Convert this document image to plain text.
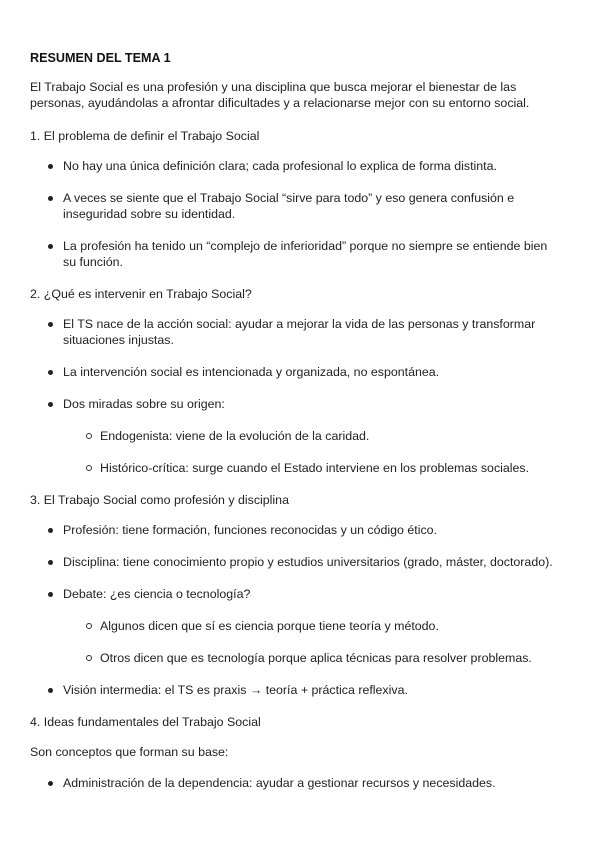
RESUMEN DEL TEMA 1
El Trabajo Social es una profesión y una disciplina que busca mejorar el bienestar de las personas, ayudándolas a afrontar dificultades y a relacionarse mejor con su entorno social.
1. El problema de definir el Trabajo Social
No hay una única definición clara; cada profesional lo explica de forma distinta.
A veces se siente que el Trabajo Social “sirve para todo” y eso genera confusión e inseguridad sobre su identidad.
La profesión ha tenido un “complejo de inferioridad” porque no siempre se entiende bien su función.
2. ¿Qué es intervenir en Trabajo Social?
El TS nace de la acción social: ayudar a mejorar la vida de las personas y transformar situaciones injustas.
La intervención social es intencionada y organizada, no espontánea.
Dos miradas sobre su origen:
Endogenista: viene de la evolución de la caridad.
Histórico-crítica: surge cuando el Estado interviene en los problemas sociales.
3. El Trabajo Social como profesión y disciplina
Profesión: tiene formación, funciones reconocidas y un código ético.
Disciplina: tiene conocimiento propio y estudios universitarios (grado, máster, doctorado).
Debate: ¿es ciencia o tecnología?
Algunos dicen que sí es ciencia porque tiene teoría y método.
Otros dicen que es tecnología porque aplica técnicas para resolver problemas.
Visión intermedia: el TS es praxis → teoría + práctica reflexiva.
4. Ideas fundamentales del Trabajo Social
Son conceptos que forman su base:
Administración de la dependencia: ayudar a gestionar recursos y necesidades.
